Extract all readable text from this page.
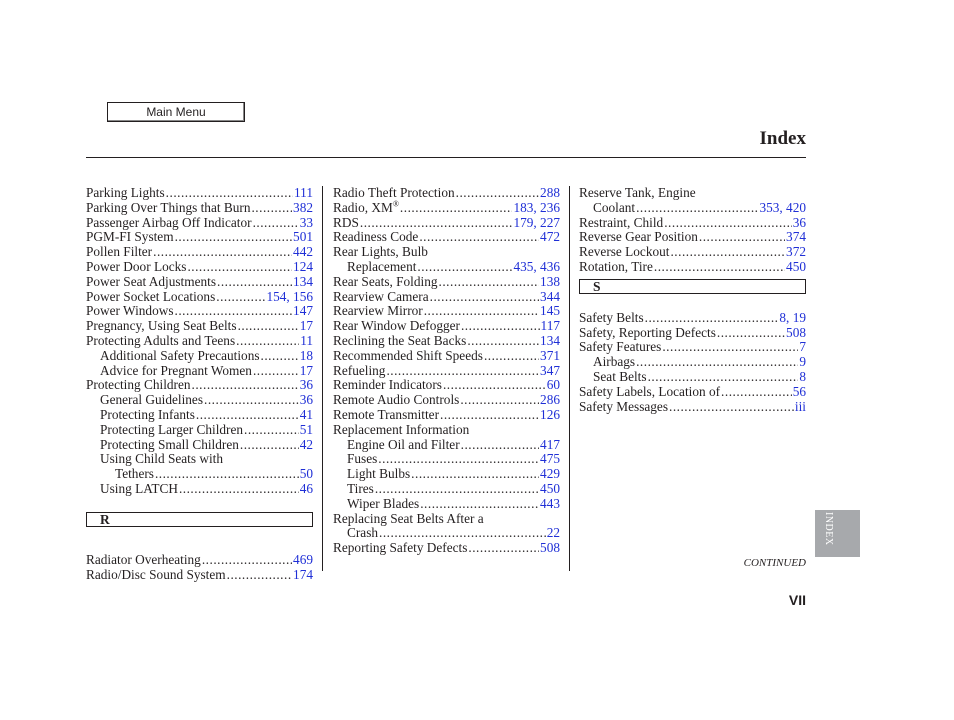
Main Menu
Index
Parking Lights .....	111
Parking Over Things that Burn .....	382
Passenger Airbag Off Indicator .....	33
PGM-FI System .....	501
Pollen Filter .....	442
Power Door Locks .....	124
Power Seat Adjustments .....	134
Power Socket Locations .....	154, 156
Power Windows .....	147
Pregnancy, Using Seat Belts .....	17
Protecting Adults and Teens .....	11
Additional Safety Precautions .....	18
Advice for Pregnant Women .....	17
Protecting Children .....	36
General Guidelines .....	36
Protecting Infants .....	41
Protecting Larger Children .....	51
Protecting Small Children .....	42
Using Child Seats with
Tethers .....	50
Using LATCH .....	46
R
Radiator Overheating .....	469
Radio/Disc Sound System .....	174
Radio Theft Protection .....	288
Radio, XM® .....	183, 236
RDS .....	179, 227
Readiness Code .....	472
Rear Lights, Bulb
Replacement .....	435, 436
Rear Seats, Folding .....	138
Rearview Camera .....	344
Rearview Mirror .....	145
Rear Window Defogger .....	117
Reclining the Seat Backs .....	134
Recommended Shift Speeds .....	371
Refueling .....	347
Reminder Indicators .....	60
Remote Audio Controls .....	286
Remote Transmitter .....	126
Replacement Information
Engine Oil and Filter .....	417
Fuses .....	475
Light Bulbs .....	429
Tires .....	450
Wiper Blades .....	443
Replacing Seat Belts After a
Crash .....	22
Reporting Safety Defects .....	508
Reserve Tank, Engine
Coolant .....	353, 420
Restraint, Child .....	36
Reverse Gear Position .....	374
Reverse Lockout .....	372
Rotation, Tire .....	450
S
Safety Belts .....	8, 19
Safety, Reporting Defects .....	508
Safety Features .....	7
Airbags .....	9
Seat Belts .....	8
Safety Labels, Location of .....	56
Safety Messages .....	iii
INDEX
CONTINUED
VII
